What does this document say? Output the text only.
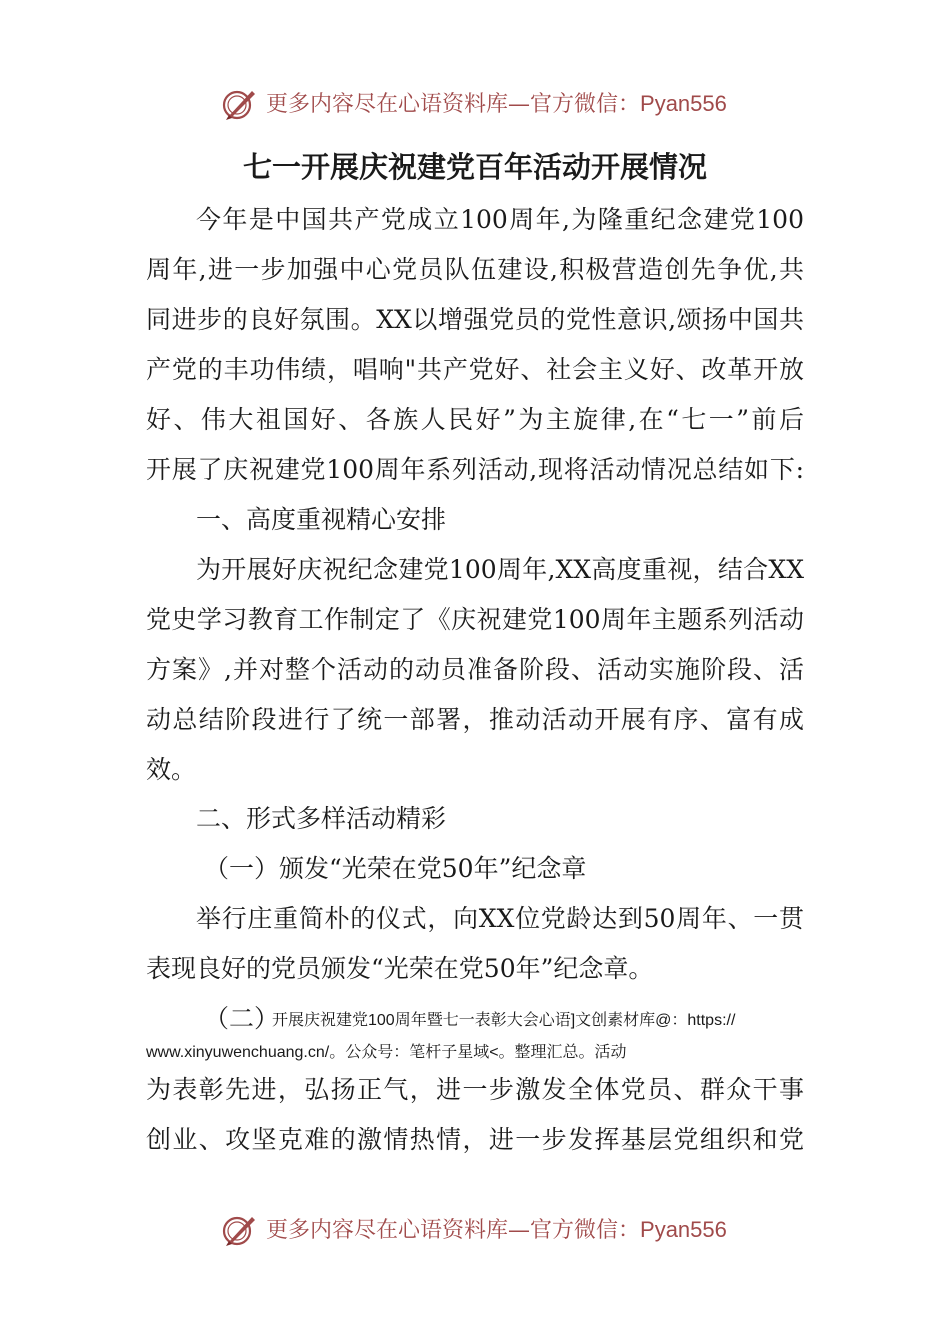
更多内容尽在心语资料库—官方微信：Pyan556
七一开展庆祝建党百年活动开展情况
今年是中国共产党成立100周年,为隆重纪念建党100
周年,进一步加强中心党员队伍建设,积极营造创先争优,共
同进步的良好氛围。XX以增强党员的党性意识,颂扬中国共
产党的丰功伟绩，唱响"共产党好、社会主义好、改革开放
好、伟大祖国好、各族人民好”为主旋律,在“七一”前后
开展了庆祝建党100周年系列活动,现将活动情况总结如下:
一、高度重视精心安排
为开展好庆祝纪念建党100周年,XX高度重视，结合XX
党史学习教育工作制定了《庆祝建党100周年主题系列活动
方案》,并对整个活动的动员准备阶段、活动实施阶段、活
动总结阶段进行了统一部署，推动活动开展有序、富有成
效。
二、形式多样活动精彩
（一）颁发“光荣在党50年”纪念章
举行庄重简朴的仪式，向XX位党龄达到50周年、一贯
表现良好的党员颁发“光荣在党50年”纪念章。
（二）
开展庆祝建党100周年暨七一表彰大会心语]文创素材库@：https://
www.xinyuwenchuang.cn/。公众号：笔杆子星域<。整理汇总。活动
为表彰先进，弘扬正气，进一步激发全体党员、群众干事
创业、攻坚克难的激情热情，进一步发挥基层党组织和党
更多内容尽在心语资料库—官方微信：Pyan556
